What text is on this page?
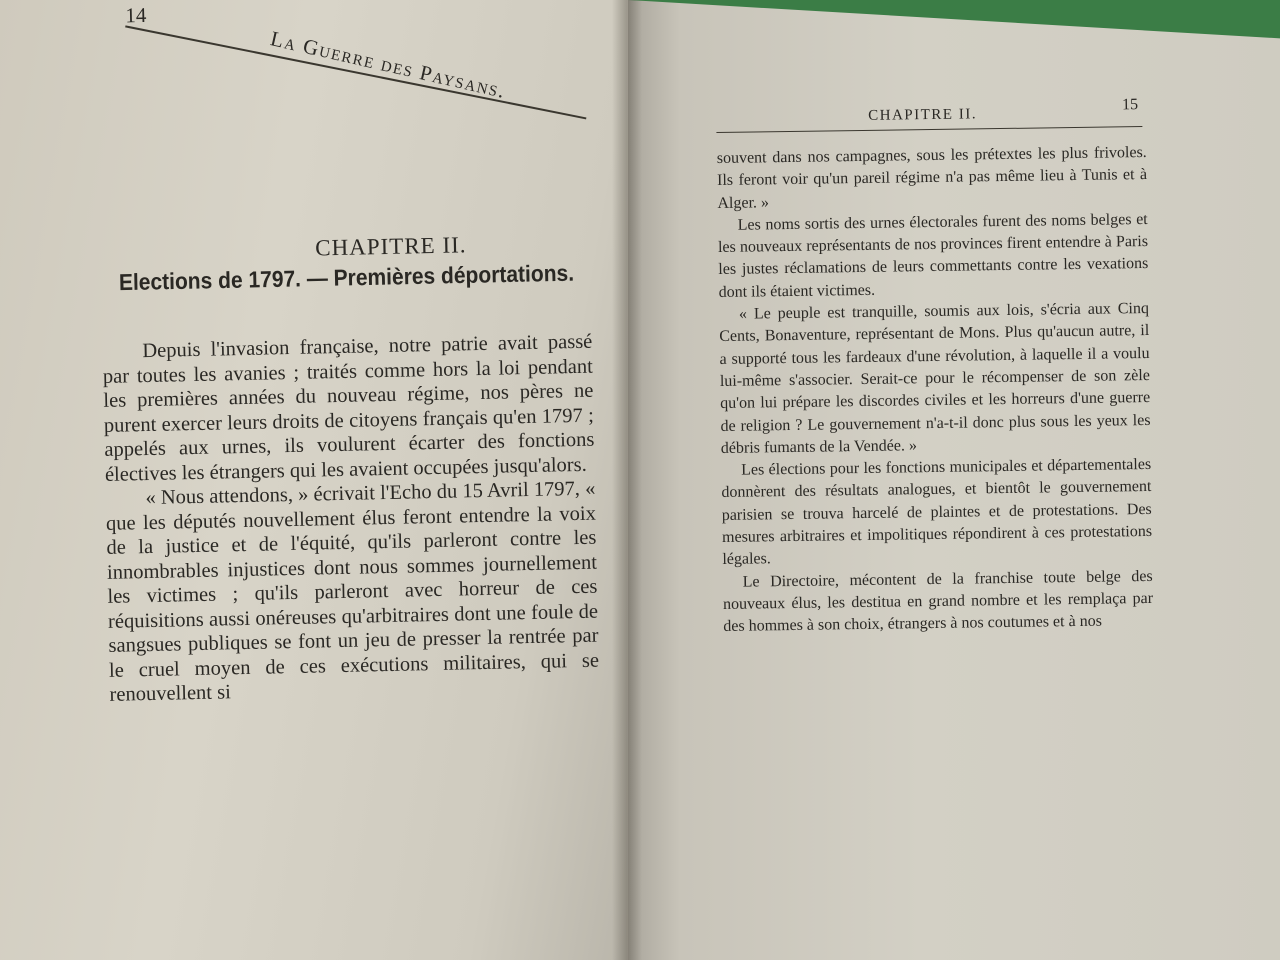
14
La Guerre des Paysans.
CHAPITRE II.
Elections de 1797. — Premières déportations.

Depuis l'invasion française, notre patrie avait passé par toutes les avanies ; traités comme hors la loi pendant les premières années du nouveau régime, nos pères ne purent exercer leurs droits de citoyens français qu'en 1797 ; appelés aux urnes, ils voulurent écarter des fonctions électives les étrangers qui les avaient occupées jusqu'alors.

« Nous attendons, » écrivait l'Echo du 15 Avril 1797, « que les députés nouvellement élus feront entendre la voix de la justice et de l'équité, qu'ils parleront contre les innombrables injustices dont nous sommes journellement les victimes ; qu'ils parleront avec horreur de ces réquisitions aussi onéreuses qu'arbitraires dont une foule de sangsues publiques se font un jeu de presser la rentrée par le cruel moyen de ces exécutions militaires, qui se renouvellent si

CHAPITRE II.
15

souvent dans nos campagnes, sous les prétextes les plus frivoles. Ils feront voir qu'un pareil régime n'a pas même lieu à Tunis et à Alger. »

Les noms sortis des urnes électorales furent des noms belges et les nouveaux représentants de nos provinces firent entendre à Paris les justes réclamations de leurs commettants contre les vexations dont ils étaient victimes.

« Le peuple est tranquille, soumis aux lois, s'écria aux Cinq Cents, Bonaventure, représentant de Mons. Plus qu'aucun autre, il a supporté tous les fardeaux d'une révolution, à laquelle il a voulu lui-même s'associer. Serait-ce pour le récompenser de son zèle qu'on lui prépare les discordes civiles et les horreurs d'une guerre de religion ? Le gouvernement n'a-t-il donc plus sous les yeux les débris fumants de la Vendée. »

Les élections pour les fonctions municipales et départementales donnèrent des résultats analogues, et bientôt le gouvernement parisien se trouva harcelé de plaintes et de protestations. Des mesures arbitraires et impolitiques répondirent à ces protestations légales.

Le Directoire, mécontent de la franchise toute belge des nouveaux élus, les destitua en grand nombre et les remplaça par des hommes à son choix, étrangers à nos coutumes et à nos
